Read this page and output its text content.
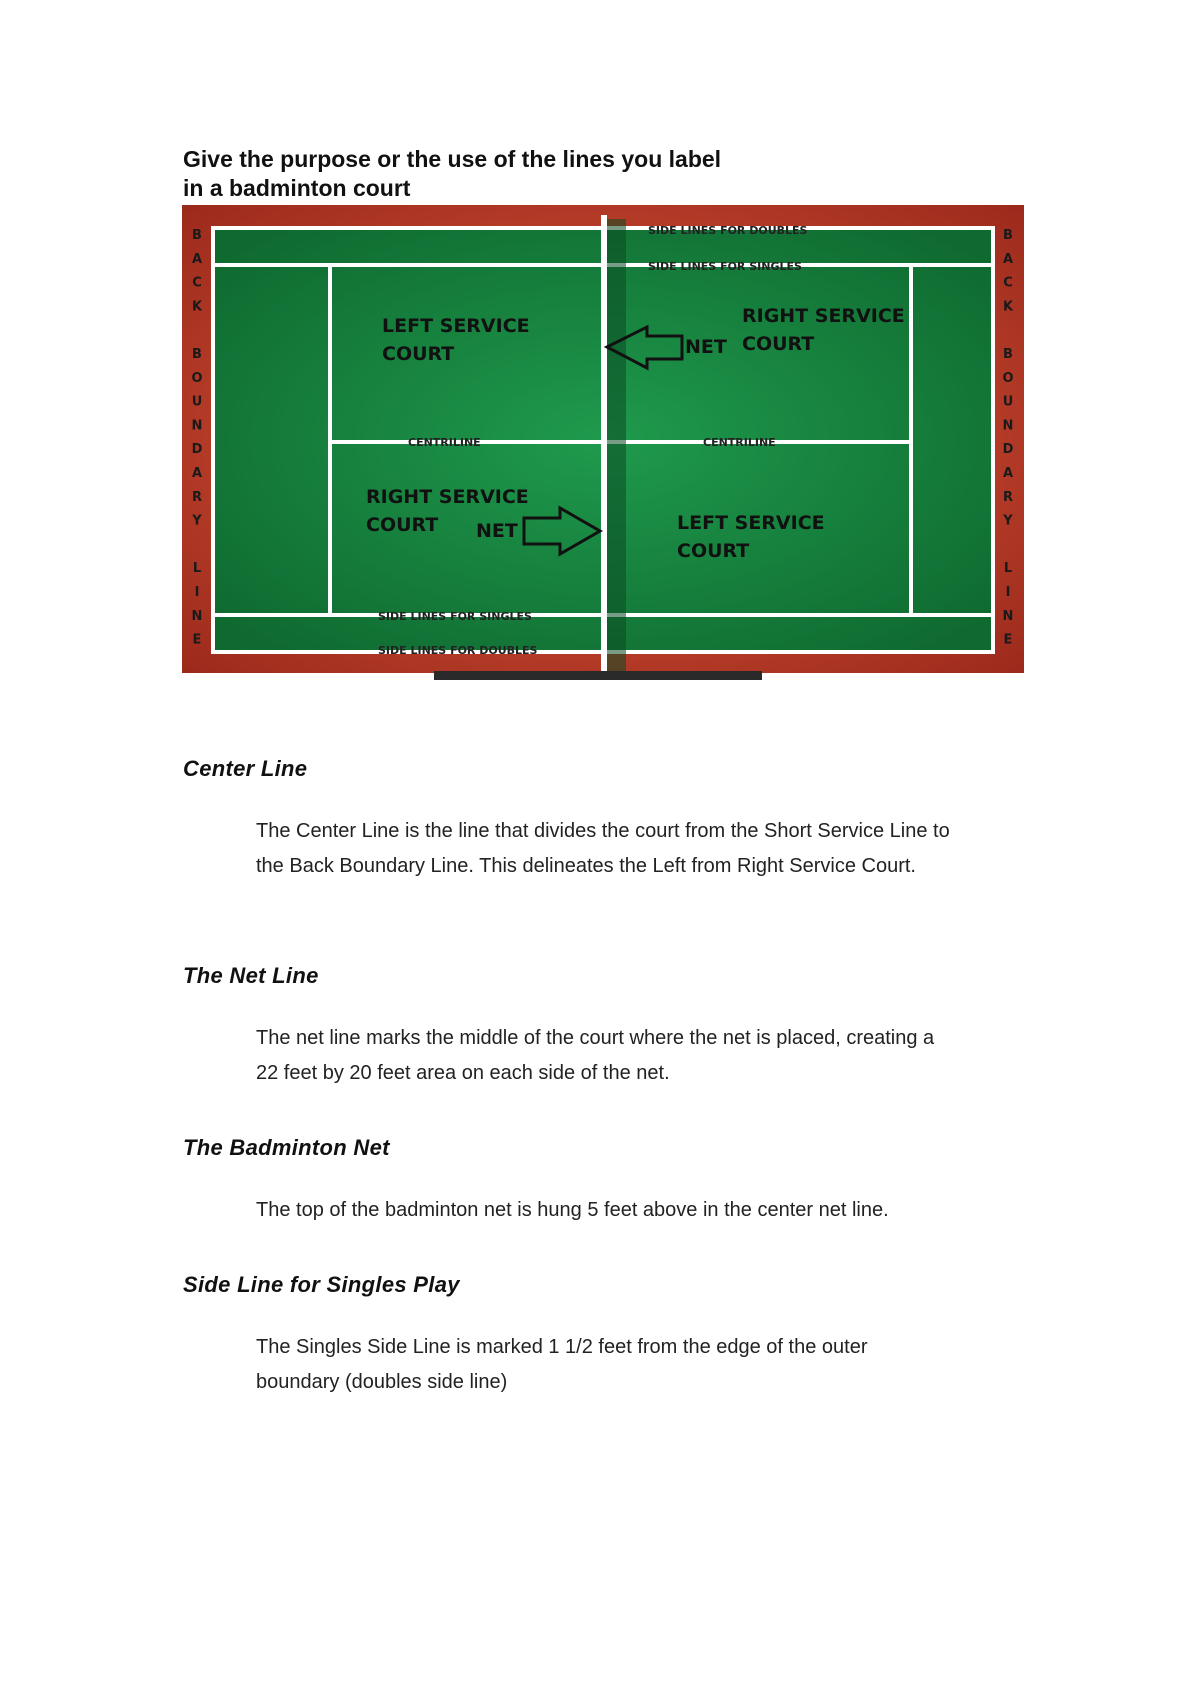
Give the purpose or the use of the lines you label in a badminton court
SIDE LINES FOR DOUBLES
SIDE LINES FOR SINGLES
SIDE LINES FOR SINGLES
SIDE LINES FOR DOUBLES
LEFT SERVICE
COURT
RIGHT SERVICE
COURT
RIGHT SERVICE
COURT	LEFT SERVICE
COURT
NET
NET
CENTRILINE	CENTRILINE
B
A
C
K
B
O
U
N
D
A
R
Y
L
I
N
E
B
A
C
K
B
O
U
N
D
A
R
Y
L
I
N
E
Center Line

The Center Line is the line that divides the court from the Short Service Line to the Back Boundary Line. This delineates the Left from Right Service Court.

The Net Line

The net line marks the middle of the court where the net is placed, creating a 22 feet by 20 feet area on each side of the net.

The Badminton Net

The top of the badminton net is hung 5 feet above in the center net line.

Side Line for Singles Play

The Singles Side Line is marked 1 1/2 feet from the edge of the outer boundary (doubles side line)
